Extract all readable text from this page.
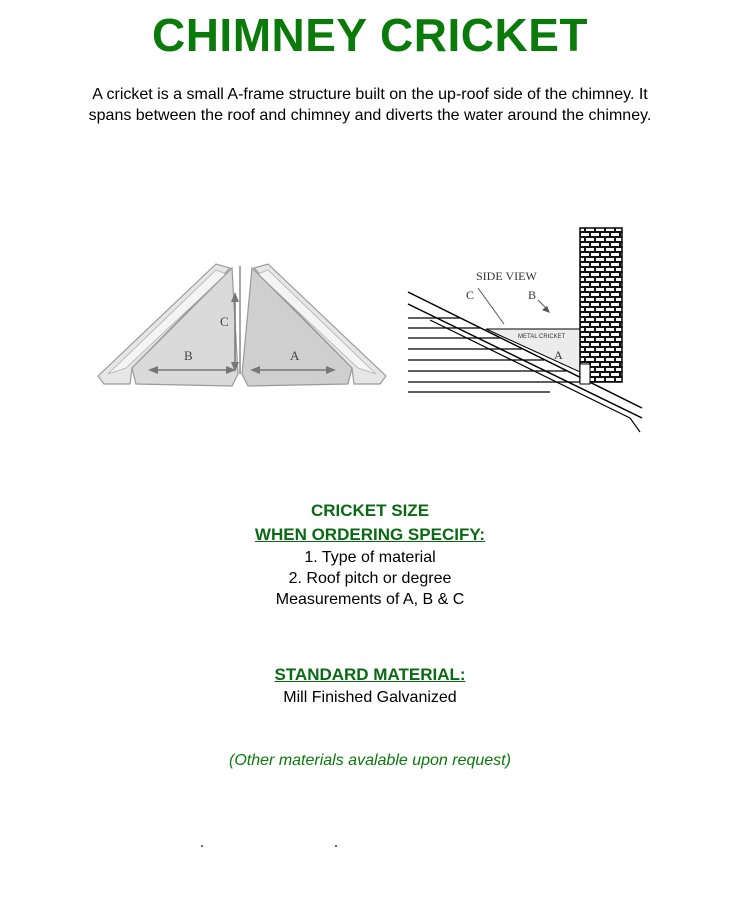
CHIMNEY CRICKET
A cricket is a small A-frame structure built on the up-roof side of the chimney. It
spans between the roof and chimney and diverts the water around the chimney.
C
B	A
SIDE VIEW
C	B
METAL CRICKET
A
CRICKET SIZE
WHEN ORDERING SPECIFY:
1. Type of material
2. Roof pitch or degree
Measurements of A, B & C
STANDARD MATERIAL:
Mill Finished Galvanized
(Other materials avalable upon request)
